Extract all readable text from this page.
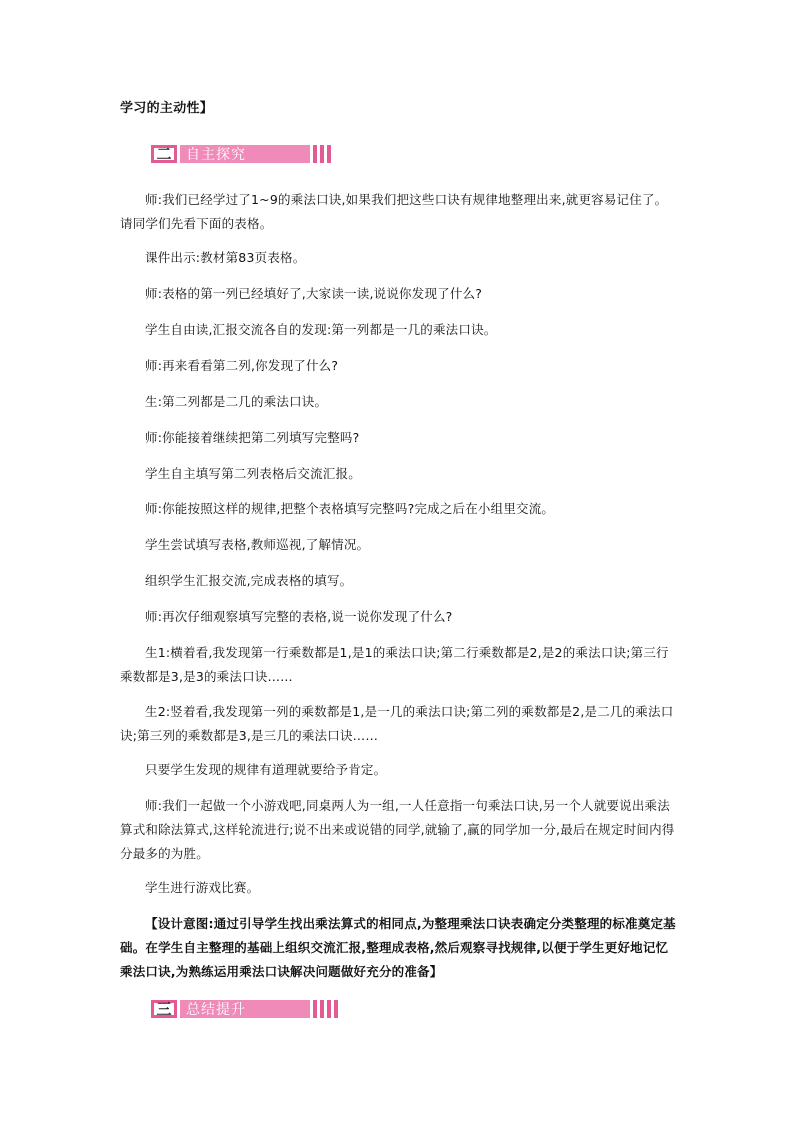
学习的主动性】
二 自主探究

师:我们已经学过了1~9的乘法口诀,如果我们把这些口诀有规律地整理出来,就更容易记住了。请同学们先看下面的表格。

课件出示:教材第83页表格。

师:表格的第一列已经填好了,大家读一读,说说你发现了什么?

学生自由读,汇报交流各自的发现:第一列都是一几的乘法口诀。

师:再来看看第二列,你发现了什么?

生:第二列都是二几的乘法口诀。

师:你能接着继续把第二列填写完整吗?

学生自主填写第二列表格后交流汇报。

师:你能按照这样的规律,把整个表格填写完整吗?完成之后在小组里交流。

学生尝试填写表格,教师巡视,了解情况。

组织学生汇报交流,完成表格的填写。

师:再次仔细观察填写完整的表格,说一说你发现了什么?

生1:横着看,我发现第一行乘数都是1,是1的乘法口诀;第二行乘数都是2,是2的乘法口诀;第三行乘数都是3,是3的乘法口诀……

生2:竖着看,我发现第一列的乘数都是1,是一几的乘法口诀;第二列的乘数都是2,是二几的乘法口诀;第三列的乘数都是3,是三几的乘法口诀……

只要学生发现的规律有道理就要给予肯定。

师:我们一起做一个小游戏吧,同桌两人为一组,一人任意指一句乘法口诀,另一个人就要说出乘法算式和除法算式,这样轮流进行;说不出来或说错的同学,就输了,赢的同学加一分,最后在规定时间内得分最多的为胜。

学生进行游戏比赛。

【设计意图:通过引导学生找出乘法算式的相同点,为整理乘法口诀表确定分类整理的标准奠定基础。在学生自主整理的基础上组织交流汇报,整理成表格,然后观察寻找规律,以便于学生更好地记忆乘法口诀,为熟练运用乘法口诀解决问题做好充分的准备】

三 总结提升
